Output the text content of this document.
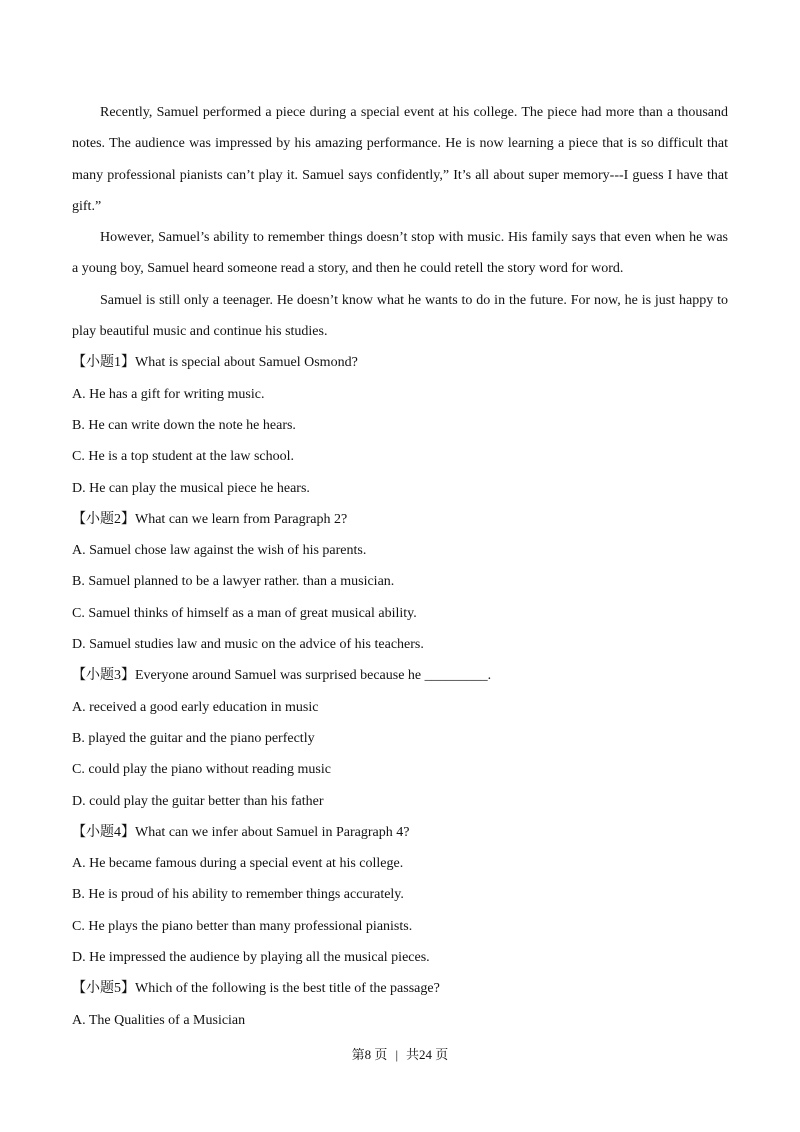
Recently, Samuel performed a piece during a special event at his college. The piece had more than a thousand notes. The audience was impressed by his amazing performance. He is now learning a piece that is so difficult that many professional pianists can’t play it. Samuel says confidently,” It’s all about super memory---I guess I have that gift.”

However, Samuel’s ability to remember things doesn’t stop with music. His family says that even when he was a young boy, Samuel heard someone read a story, and then he could retell the story word for word.

Samuel is still only a teenager. He doesn’t know what he wants to do in the future. For now, he is just happy to play beautiful music and continue his studies.

【小题1】What is special about Samuel Osmond?

A. He has a gift for writing music.

B. He can write down the note he hears.

C. He is a top student at the law school.

D. He can play the musical piece he hears.

【小题2】What can we learn from Paragraph 2?

A. Samuel chose law against the wish of his parents.

B. Samuel planned to be a lawyer rather. than a musician.

C. Samuel thinks of himself as a man of great musical ability.

D. Samuel studies law and music on the advice of his teachers.

【小题3】Everyone around Samuel was surprised because he _________.

A. received a good early education in music

B. played the guitar and the piano perfectly

C. could play the piano without reading music

D. could play the guitar better than his father

【小题4】What can we infer about Samuel in Paragraph 4?

A. He became famous during a special event at his college.

B. He is proud of his ability to remember things accurately.

C. He plays the piano better than many professional pianists.

D. He impressed the audience by playing all the musical pieces.

【小题5】Which of the following is the best title of the passage?

A. The Qualities of a Musician

第8 页 | 共24 页
